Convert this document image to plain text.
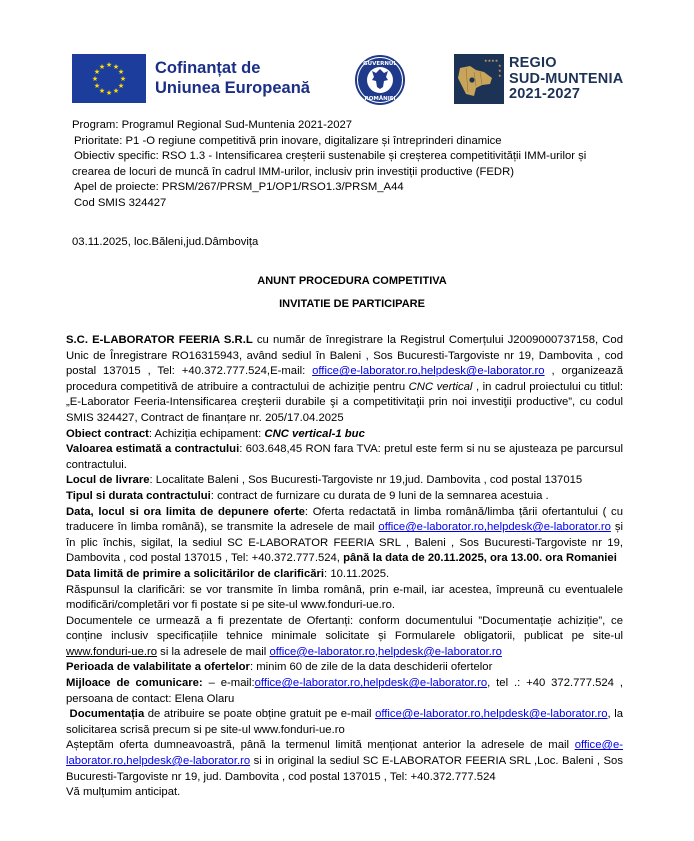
★ ★
★
★
★
★
★
★
★
★
★
★	Cofinanțat de
Uniunea Europeană
GUVERNUL
ROMÂNIEI
★★★★
★
★
★
REGIO
SUD-MUNTENIA
2021-2027
Program: Programul Regional Sud-Muntenia 2021-2027
Prioritate: P1 -O regiune competitivă prin inovare, digitalizare și întreprinderi dinamice
Obiectiv specific: RSO 1.3 - Intensificarea creșterii sustenabile și creșterea competitivității IMM-urilor și
crearea de locuri de muncă în cadrul IMM-urilor, inclusiv prin investiții productive (FEDR)
Apel de proiecte: PRSM/267/PRSM_P1/OP1/RSO1.3/PRSM_A44
Cod SMIS 324427
03.11.2025, loc.Băleni,jud.Dâmbovița
ANUNT PROCEDURA COMPETITIVA
INVITATIE DE PARTICIPARE

S.C. E-LABORATOR FEERIA S.R.L cu număr de înregistrare la Registrul Comerțului J2009000737158, Cod Unic de Înregistrare RO16315943, având sediul în Baleni , Sos Bucuresti-Targoviste nr 19, Dambovita , cod postal 137015 , Tel: +40.372.777.524,E-mail: office@e-laborator.ro,helpdesk@e-laborator.ro , organizează procedura competitivă de atribuire a contractului de achiziție pentru CNC vertical , in cadrul proiectului cu titlul: „E-Laborator Feeria-Intensificarea creşterii durabile şi a competitivitaţii prin noi investiţii productive”, cu codul SMIS 324427, Contract de finanțare nr. 205/17.04.2025

Obiect contract: Achiziția echipament: CNC vertical-1 buc

Valoarea estimată a contractului: 603.648,45 RON fara TVA: pretul este ferm si nu se ajusteaza pe parcursul contractului.

Locul de livrare: Localitate Baleni , Sos Bucuresti-Targoviste nr 19,jud. Dambovita , cod postal 137015

Tipul si durata contractului: contract de furnizare cu durata de 9 luni de la semnarea acestuia .

Data, locul si ora limita de depunere oferte: Oferta redactată in limba română/limba țării ofertantului ( cu traducere în limba română), se transmite la adresele de mail office@e-laborator.ro,helpdesk@e-laborator.ro și în plic închis, sigilat, la sediul SC E-LABORATOR FEERIA SRL , Baleni , Sos Bucuresti-Targoviste nr 19, Dambovita , cod postal 137015 , Tel: +40.372.777.524, până la data de 20.11.2025, ora 13.00. ora Romaniei

Data limită de primire a solicitărilor de clarificări: 10.11.2025.

Răspunsul la clarificări: se vor transmite în limba română, prin e-mail, iar acestea, împreună cu eventualele modificări/completări vor fi postate si pe site-ul www.fonduri-ue.ro.

Documentele ce urmează a fi prezentate de Ofertanți: conform documentului ”Documentație achiziție”, ce conține inclusiv specificațiile tehnice minimale solicitate și Formularele obligatorii, publicat pe site-ul www.fonduri-ue.ro si la adresele de mail office@e-laborator.ro,helpdesk@e-laborator.ro

Perioada de valabilitate a ofertelor: minim 60 de zile de la data deschiderii ofertelor

Mijloace de comunicare: – e-mail:office@e-laborator.ro,helpdesk@e-laborator.ro, tel .: +40 372.777.524 , persoana de contact: Elena Olaru

Documentația de atribuire se poate obține gratuit pe e-mail office@e-laborator.ro,helpdesk@e-laborator.ro, la solicitarea scrisă precum si pe site-ul www.fonduri-ue.ro

Așteptăm oferta dumneavoastră, până la termenul limită menționat anterior la adresele de mail office@e-laborator.ro,helpdesk@e-laborator.ro si in original la sediul SC E-LABORATOR FEERIA SRL ,Loc. Baleni , Sos Bucuresti-Targoviste nr 19, jud. Dambovita , cod postal 137015 , Tel: +40.372.777.524

Vă mulțumim anticipat.
